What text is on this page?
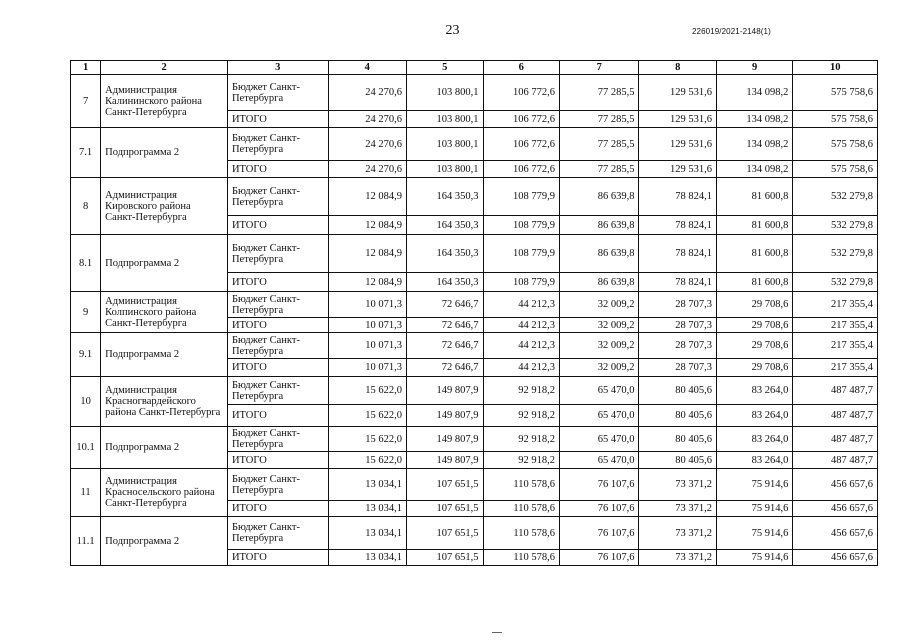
23	226019/2021-2148(1)
1	2	3	4	5	6	7	8	9	10
7	Администрация Калининского района Санкт-Петербурга	Бюджет Санкт-Петербурга	24 270,6	103 800,1	106 772,6	77 285,5	129 531,6	134 098,2	575 758,6
		ИТОГО	24 270,6	103 800,1	106 772,6	77 285,5	129 531,6	134 098,2	575 758,6
7.1	Подпрограмма 2	Бюджет Санкт-Петербурга	24 270,6	103 800,1	106 772,6	77 285,5	129 531,6	134 098,2	575 758,6
		ИТОГО	24 270,6	103 800,1	106 772,6	77 285,5	129 531,6	134 098,2	575 758,6
8	Администрация Кировского района Санкт-Петербурга	Бюджет Санкт-Петербурга	12 084,9	164 350,3	108 779,9	86 639,8	78 824,1	81 600,8	532 279,8
		ИТОГО	12 084,9	164 350,3	108 779,9	86 639,8	78 824,1	81 600,8	532 279,8
8.1	Подпрограмма 2	Бюджет Санкт-Петербурга	12 084,9	164 350,3	108 779,9	86 639,8	78 824,1	81 600,8	532 279,8
		ИТОГО	12 084,9	164 350,3	108 779,9	86 639,8	78 824,1	81 600,8	532 279,8
9	Администрация Колпинского района Санкт-Петербурга	Бюджет Санкт-Петербурга	10 071,3	72 646,7	44 212,3	32 009,2	28 707,3	29 708,6	217 355,4
		ИТОГО	10 071,3	72 646,7	44 212,3	32 009,2	28 707,3	29 708,6	217 355,4
9.1	Подпрограмма 2	Бюджет Санкт-Петербурга	10 071,3	72 646,7	44 212,3	32 009,2	28 707,3	29 708,6	217 355,4
		ИТОГО	10 071,3	72 646,7	44 212,3	32 009,2	28 707,3	29 708,6	217 355,4
10	Администрация Красногвардейского района Санкт-Петербурга	Бюджет Санкт-Петербурга	15 622,0	149 807,9	92 918,2	65 470,0	80 405,6	83 264,0	487 487,7
		ИТОГО	15 622,0	149 807,9	92 918,2	65 470,0	80 405,6	83 264,0	487 487,7
10.1	Подпрограмма 2	Бюджет Санкт-Петербурга	15 622,0	149 807,9	92 918,2	65 470,0	80 405,6	83 264,0	487 487,7
		ИТОГО	15 622,0	149 807,9	92 918,2	65 470,0	80 405,6	83 264,0	487 487,7
11	Администрация Красносельского района Санкт-Петербурга	Бюджет Санкт-Петербурга	13 034,1	107 651,5	110 578,6	76 107,6	73 371,2	75 914,6	456 657,6
		ИТОГО	13 034,1	107 651,5	110 578,6	76 107,6	73 371,2	75 914,6	456 657,6
11.1	Подпрограмма 2	Бюджет Санкт-Петербурга	13 034,1	107 651,5	110 578,6	76 107,6	73 371,2	75 914,6	456 657,6
		ИТОГО	13 034,1	107 651,5	110 578,6	76 107,6	73 371,2	75 914,6	456 657,6
